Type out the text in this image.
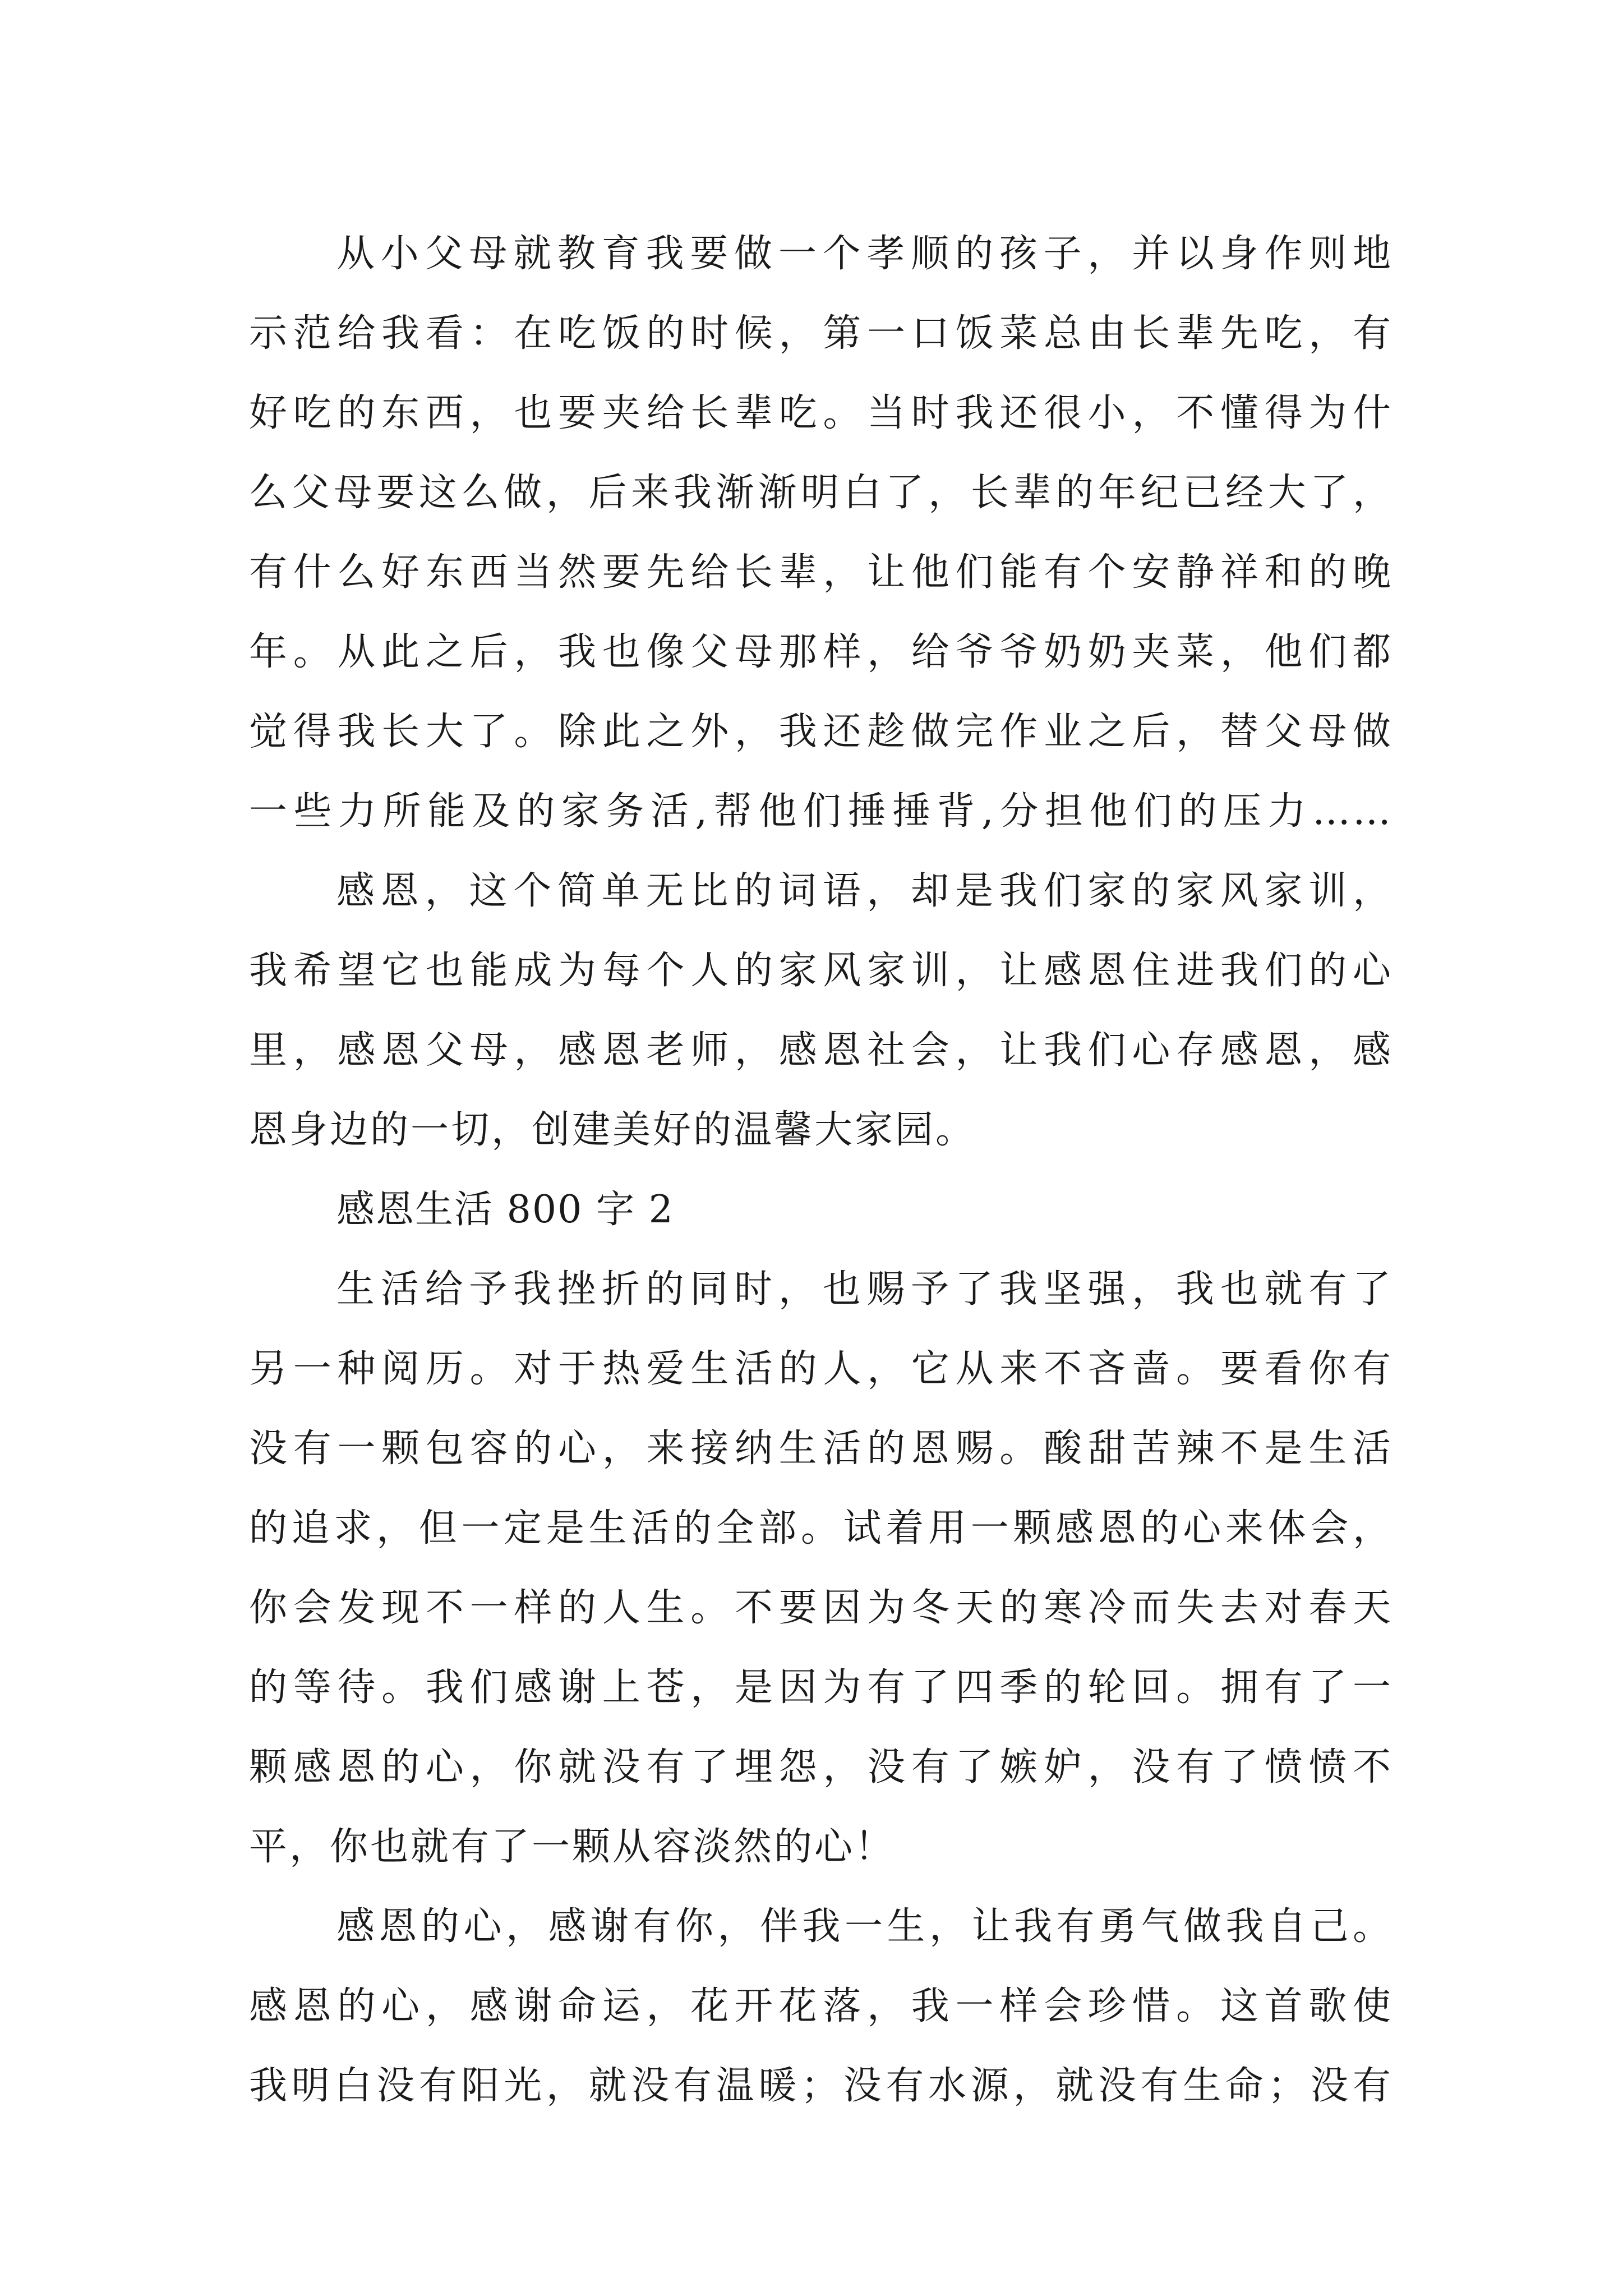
从小父母就教育我要做一个孝顺的孩子，并以身作则地
示范给我看：在吃饭的时候，第一口饭菜总由长辈先吃，有
好吃的东西，也要夹给长辈吃。当时我还很小，不懂得为什
么父母要这么做，后来我渐渐明白了，长辈的年纪已经大了，
有什么好东西当然要先给长辈，让他们能有个安静祥和的晚
年。从此之后，我也像父母那样，给爷爷奶奶夹菜，他们都
觉得我长大了。除此之外，我还趁做完作业之后，替父母做
一些力所能及的家务活,帮他们捶捶背,分担他们的压力……
感恩，这个简单无比的词语，却是我们家的家风家训，
我希望它也能成为每个人的家风家训，让感恩住进我们的心
里，感恩父母，感恩老师，感恩社会，让我们心存感恩，感
恩身边的一切，创建美好的温馨大家园。
感恩生活 800 字 2
生活给予我挫折的同时，也赐予了我坚强，我也就有了
另一种阅历。对于热爱生活的人，它从来不吝啬。要看你有
没有一颗包容的心，来接纳生活的恩赐。酸甜苦辣不是生活
的追求，但一定是生活的全部。试着用一颗感恩的心来体会，
你会发现不一样的人生。不要因为冬天的寒冷而失去对春天
的等待。我们感谢上苍，是因为有了四季的轮回。拥有了一
颗感恩的心，你就没有了埋怨，没有了嫉妒，没有了愤愤不
平，你也就有了一颗从容淡然的心！
感恩的心，感谢有你，伴我一生，让我有勇气做我自己。
感恩的心，感谢命运，花开花落，我一样会珍惜。这首歌使
我明白没有阳光，就没有温暖；没有水源，就没有生命；没有
